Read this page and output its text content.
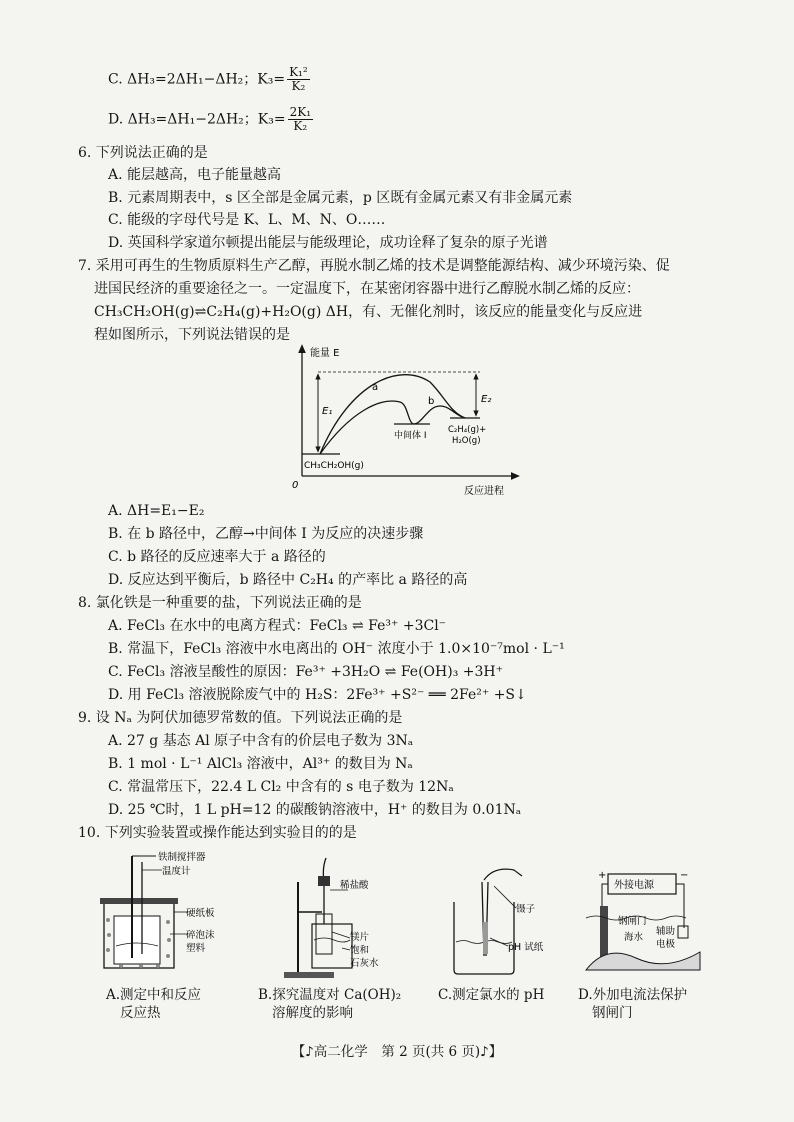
C. ΔH₃=2ΔH₁−ΔH₂；$K_3= \frac{\text{K₁²}}{\text{K₂}}$
D. ΔH₃=ΔH₁−2ΔH₂；$K_3= \frac{\text{2K₁}}{\text{K₂}}$
6. 下列说法正确的是
A. 能层越高，电子能量越高
B. 元素周期表中，s 区全部是金属元素，p 区既有金属元素又有非金属元素
C. 能级的字母代号是 K、L、M、N、O……
D. 英国科学家道尔顿提出能层与能级理论，成功诠释了复杂的原子光谱
7. 采用可再生的生物质原料生产乙醇，再脱水制乙烯的技术是调整能源结构、减少环境污染、促
进国民经济的重要途径之一。一定温度下，在某密闭容器中进行乙醇脱水制乙烯的反应：
CH₃CH₂OH(g)⇌C₂H₄(g)+H₂O(g) ΔH，有、无催化剂时，该反应的能量变化与反应进
程如图所示，下列说法错误的是
能量 E
0
反应进程
E₁
E₂
a
b
中间体 I
CH₃CH₂OH(g)
C₂H₄(g)+
H₂O(g)
A. ΔH=E₁−E₂
B. 在 b 路径中，乙醇→中间体 I 为反应的决速步骤
C. b 路径的反应速率大于 a 路径的
D. 反应达到平衡后，b 路径中 C₂H₄ 的产率比 a 路径的高
8. 氯化铁是一种重要的盐，下列说法正确的是
A. FeCl₃ 在水中的电离方程式：FeCl₃ ⇌ Fe³⁺ +3Cl⁻
B. 常温下，FeCl₃ 溶液中水电离出的 OH⁻ 浓度小于 1.0×10⁻⁷mol · L⁻¹
C. FeCl₃ 溶液呈酸性的原因：Fe³⁺ +3H₂O ⇌ Fe(OH)₃ +3H⁺
D. 用 FeCl₃ 溶液脱除废气中的 H₂S：2Fe³⁺ +S²⁻ ══ 2Fe²⁺ +S↓
9. 设 Nₐ 为阿伏加德罗常数的值。下列说法正确的是
A. 27 g 基态 Al 原子中含有的价层电子数为 3Nₐ
B. 1 mol · L⁻¹ AlCl₃ 溶液中，Al³⁺ 的数目为 Nₐ
C. 常温常压下，22.4 L Cl₂ 中含有的 s 电子数为 12Nₐ
D. 25 ℃时，1 L pH=12 的碳酸钠溶液中，H⁺ 的数目为 0.01Nₐ
10. 下列实验装置或操作能达到实验目的的是
铁制搅拌器
温度计
硬纸板
碎泡沫
塑料
稀盐酸
镁片
饱和
石灰水
镊子
pH 试纸
外接电源
+	−
钢闸门
海水
辅助
电极
A.测定中和反应
反应热
B.探究温度对 Ca(OH)₂
溶解度的影响
C.测定氯水的 pH D.外加电流法保护
钢闸门
【♪高二化学　第 2 页(共 6 页)♪】
